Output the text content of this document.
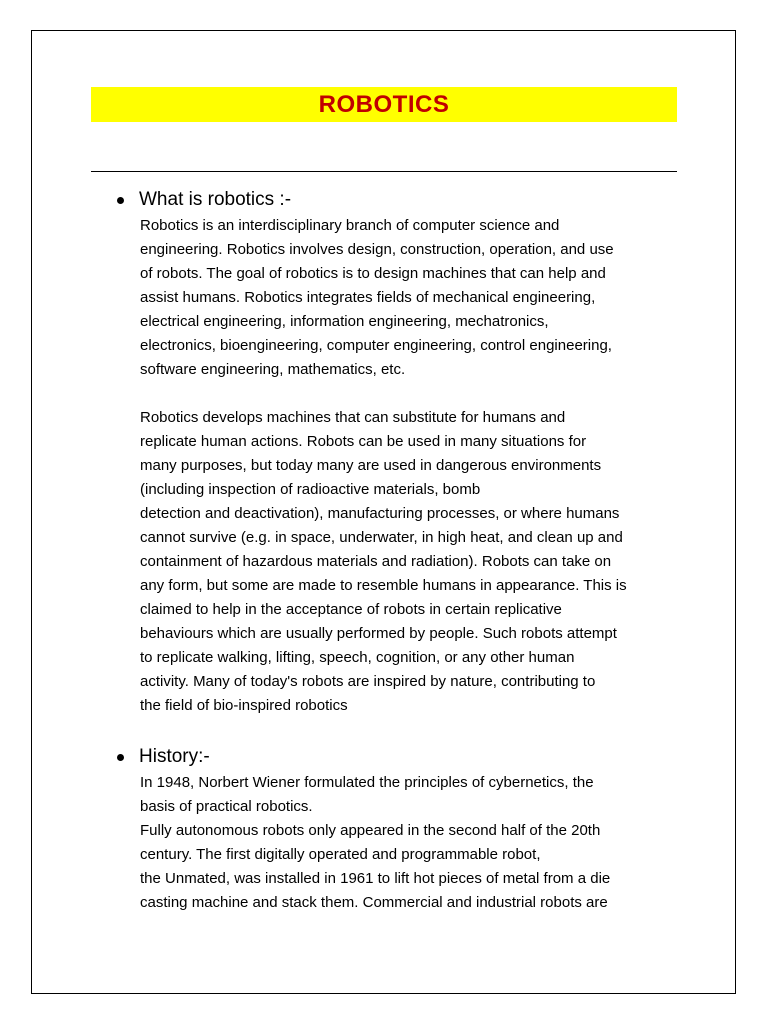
ROBOTICS
What is robotics :-

Robotics is an interdisciplinary branch of computer science and
engineering. Robotics involves design, construction, operation, and use
of robots. The goal of robotics is to design machines that can help and
assist humans. Robotics integrates fields of mechanical engineering,
electrical engineering, information engineering, mechatronics,
electronics, bioengineering, computer engineering, control engineering,
software engineering, mathematics, etc.

Robotics develops machines that can substitute for humans and
replicate human actions. Robots can be used in many situations for
many purposes, but today many are used in dangerous environments
(including inspection of radioactive materials, bomb
detection and deactivation), manufacturing processes, or where humans
cannot survive (e.g. in space, underwater, in high heat, and clean up and
containment of hazardous materials and radiation). Robots can take on
any form, but some are made to resemble humans in appearance. This is
claimed to help in the acceptance of robots in certain replicative
behaviours which are usually performed by people. Such robots attempt
to replicate walking, lifting, speech, cognition, or any other human
activity. Many of today's robots are inspired by nature, contributing to
the field of bio-inspired robotics

History:-

In 1948, Norbert Wiener formulated the principles of cybernetics, the
basis of practical robotics.
Fully autonomous robots only appeared in the second half of the 20th
century. The first digitally operated and programmable robot,
the Unmated, was installed in 1961 to lift hot pieces of metal from a die
casting machine and stack them. Commercial and industrial robots are
